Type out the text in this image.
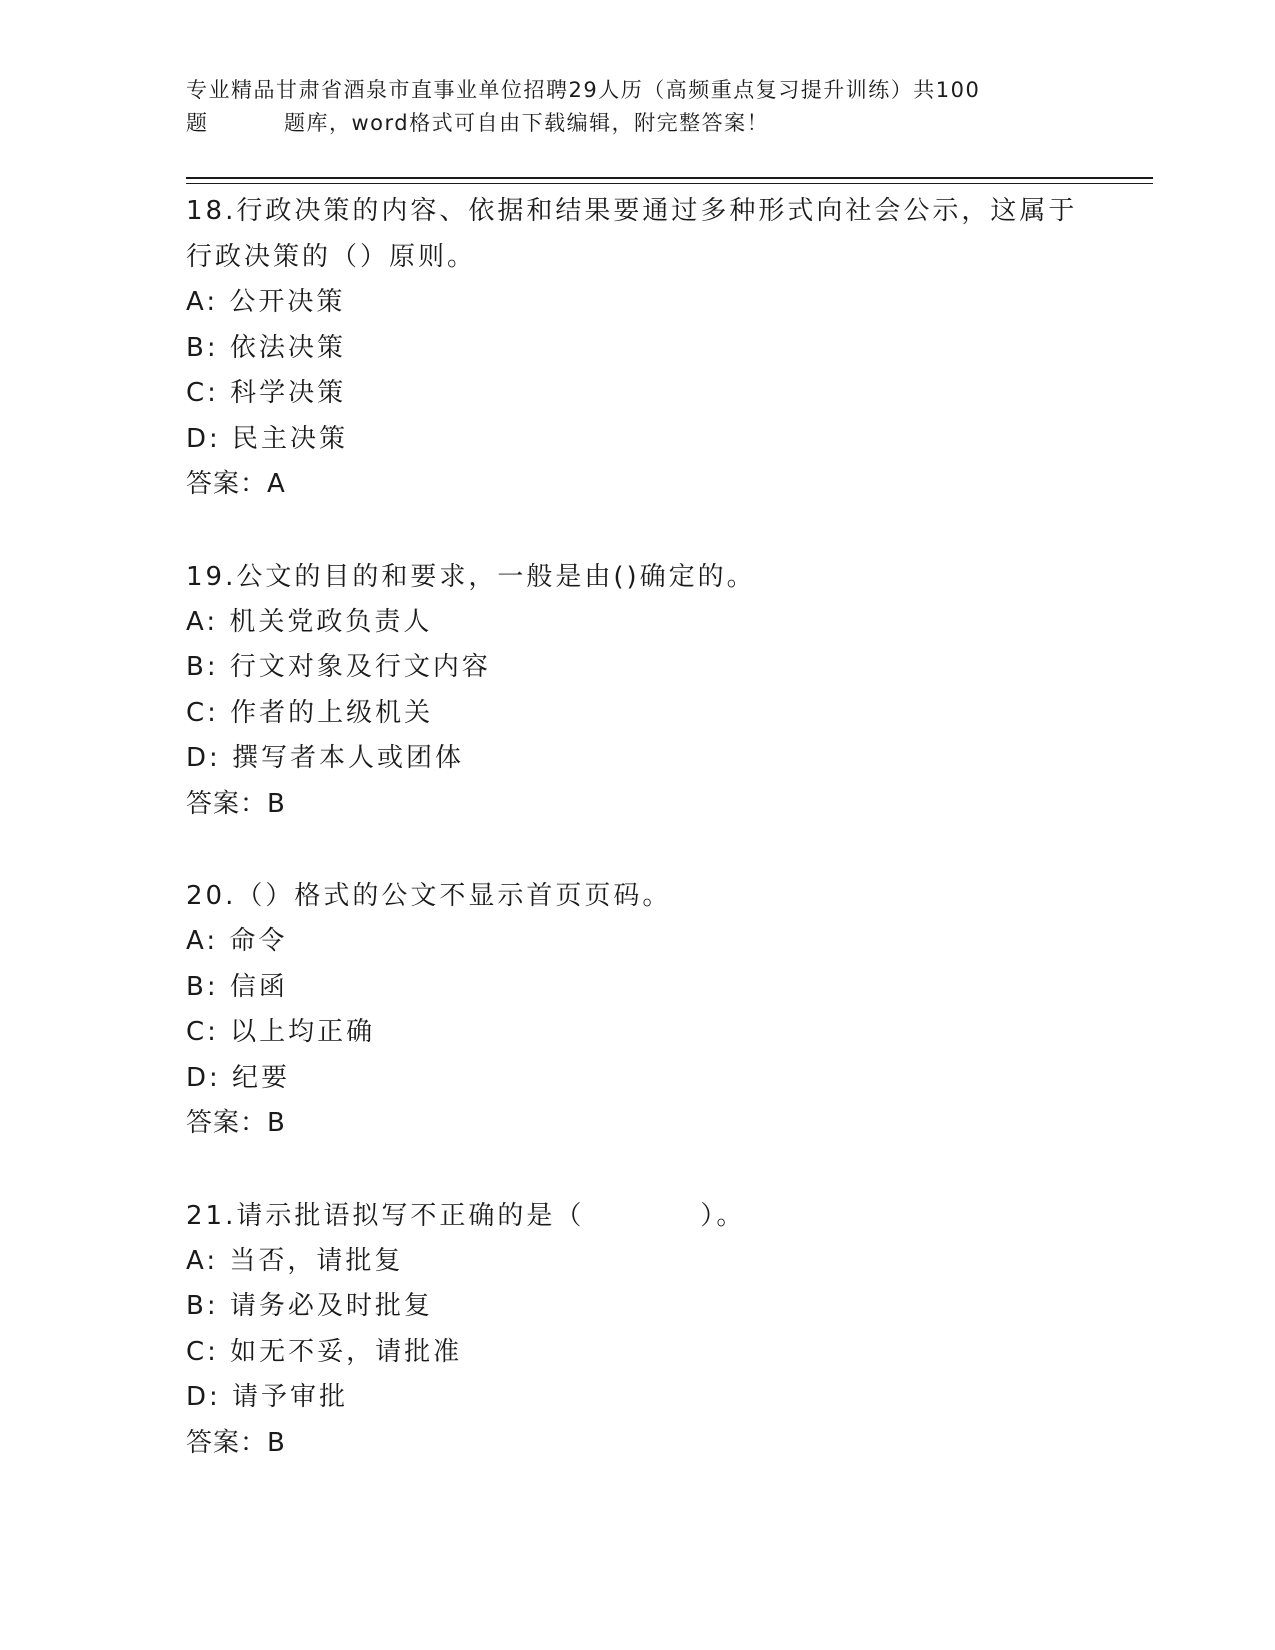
专业精品甘肃省酒泉市直事业单位招聘29人历（高频重点复习提升训练）共100
题	题库，word格式可自由下载编辑，附完整答案！

18.行政决策的内容、依据和结果要通过多种形式向社会公示，这属于

行政决策的（）原则。

A: 公开决策

B: 依法决策

C: 科学决策

D: 民主决策

答案：A

19.公文的目的和要求，一般是由()确定的。

A: 机关党政负责人

B: 行文对象及行文内容

C: 作者的上级机关

D: 撰写者本人或团体

答案：B

20.（）格式的公文不显示首页页码。

A: 命令

B: 信函

C: 以上均正确

D: 纪要

答案：B

21.请示批语拟写不正确的是（　　　　）。

A: 当否，请批复

B: 请务必及时批复

C: 如无不妥，请批准

D: 请予审批

答案：B
